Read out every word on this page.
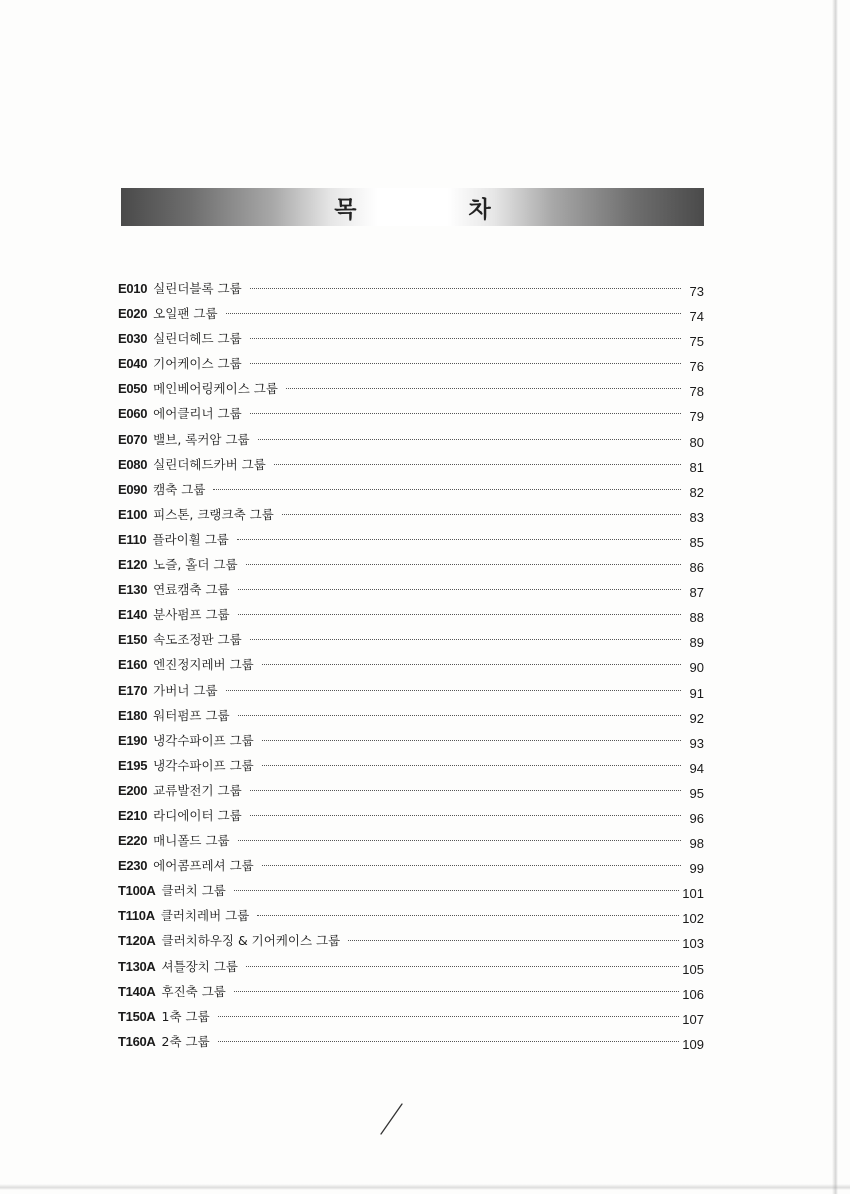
목 차
E010 실린더블록 그룹	73
E020 오일팬 그룹	74
E030 실린더헤드 그룹	75
E040 기어케이스 그룹	76
E050 메인베어링케이스 그룹	78
E060 에어클리너 그룹	79
E070 밸브, 록커암 그룹	80
E080 실린더헤드카버 그룹	81
E090 캠축 그룹	82
E100 피스톤, 크랭크축 그룹	83
E110 플라이휠 그룹	85
E120 노즐, 홀더 그룹	86
E130 연료캠축 그룹	87
E140 분사펌프 그룹	88
E150 속도조정판 그룹	89
E160 엔진정지레버 그룹	90
E170 가버너 그룹	91
E180 워터펌프 그룹	92
E190 냉각수파이프 그룹	93
E195 냉각수파이프 그룹	94
E200 교류발전기 그룹	95
E210 라디에이터 그룹	96
E220 매니폴드 그룹	98
E230 에어콤프레셔 그룹	99
T100A 클러치 그룹	101
T110A 클러치레버 그룹	102
T120A 클러치하우징 & 기어케이스 그룹	103
T130A 셔틀장치 그룹	105
T140A 후진축 그룹	106
T150A 1축 그룹	107
T160A 2축 그룹	109
